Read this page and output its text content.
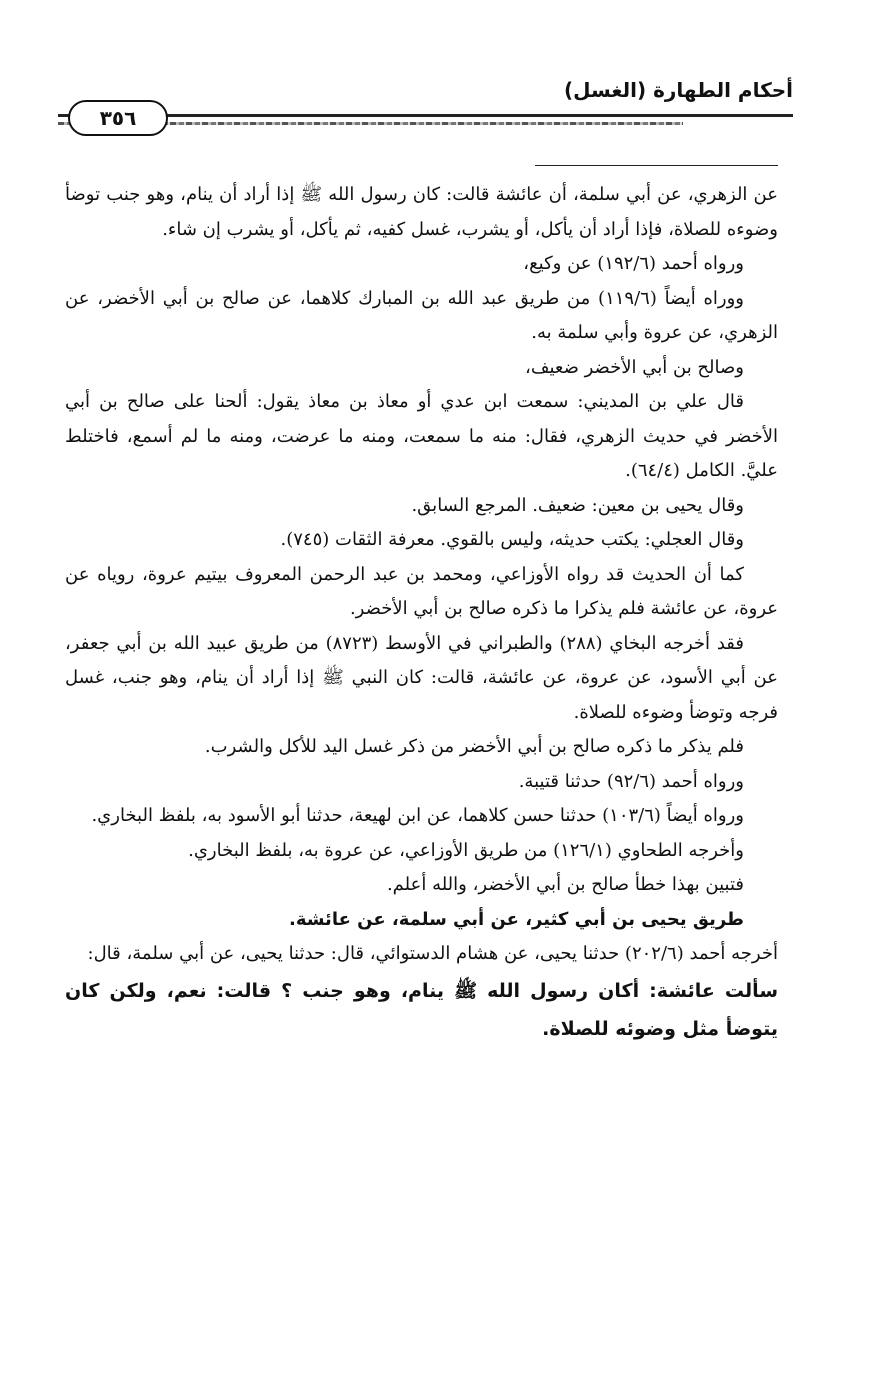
أحكام الطهارة (الغسل)
٣٥٦

عن الزهري، عن أبي سلمة، أن عائشة قالت: كان رسول الله ﷺ إذا أراد أن ينام، وهو جنب توضأ وضوءه للصلاة، فإذا أراد أن يأكل، أو يشرب، غسل كفيه، ثم يأكل، أو يشرب إن شاء.

ورواه أحمد (١٩٢/٦) عن وكيع،

ووراه أيضاً (١١٩/٦) من طريق عبد الله بن المبارك كلاهما، عن صالح بن أبي الأخضر، عن الزهري، عن عروة وأبي سلمة به.

وصالح بن أبي الأخضر ضعيف،

قال علي بن المديني: سمعت ابن عدي أو معاذ بن معاذ يقول: ألحنا على صالح بن أبي الأخضر في حديث الزهري، فقال: منه ما سمعت، ومنه ما عرضت، ومنه ما لم أسمع، فاختلط عليَّ. الكامل (٦٤/٤).

وقال يحيى بن معين: ضعيف. المرجع السابق.

وقال العجلي: يكتب حديثه، وليس بالقوي. معرفة الثقات (٧٤٥).

كما أن الحديث قد رواه الأوزاعي، ومحمد بن عبد الرحمن المعروف بيتيم عروة، روياه عن عروة، عن عائشة فلم يذكرا ما ذكره صالح بن أبي الأخضر.

فقد أخرجه البخاي (٢٨٨) والطبراني في الأوسط (٨٧٢٣) من طريق عبيد الله بن أبي جعفر، عن أبي الأسود، عن عروة، عن عائشة، قالت: كان النبي ﷺ إذا أراد أن ينام، وهو جنب، غسل فرجه وتوضأ وضوءه للصلاة.

فلم يذكر ما ذكره صالح بن أبي الأخضر من ذكر غسل اليد للأكل والشرب.

ورواه أحمد (٩٢/٦) حدثنا قتيبة.

ورواه أيضاً (١٠٣/٦) حدثنا حسن كلاهما، عن ابن لهيعة، حدثنا أبو الأسود به، بلفظ البخاري.

وأخرجه الطحاوي (١٢٦/١) من طريق الأوزاعي، عن عروة به، بلفظ البخاري.

فتبين بهذا خطأ صالح بن أبي الأخضر، والله أعلم.

طريق يحيى بن أبي كثير، عن أبي سلمة، عن عائشة.

أخرجه أحمد (٢٠٢/٦) حدثنا يحيى، عن هشام الدستوائي، قال: حدثنا يحيى، عن أبي سلمة، قال:

سألت عائشة: أكان رسول الله ﷺ ينام، وهو جنب ؟ قالت: نعم، ولكن كان يتوضأ مثل وضوئه للصلاة.
